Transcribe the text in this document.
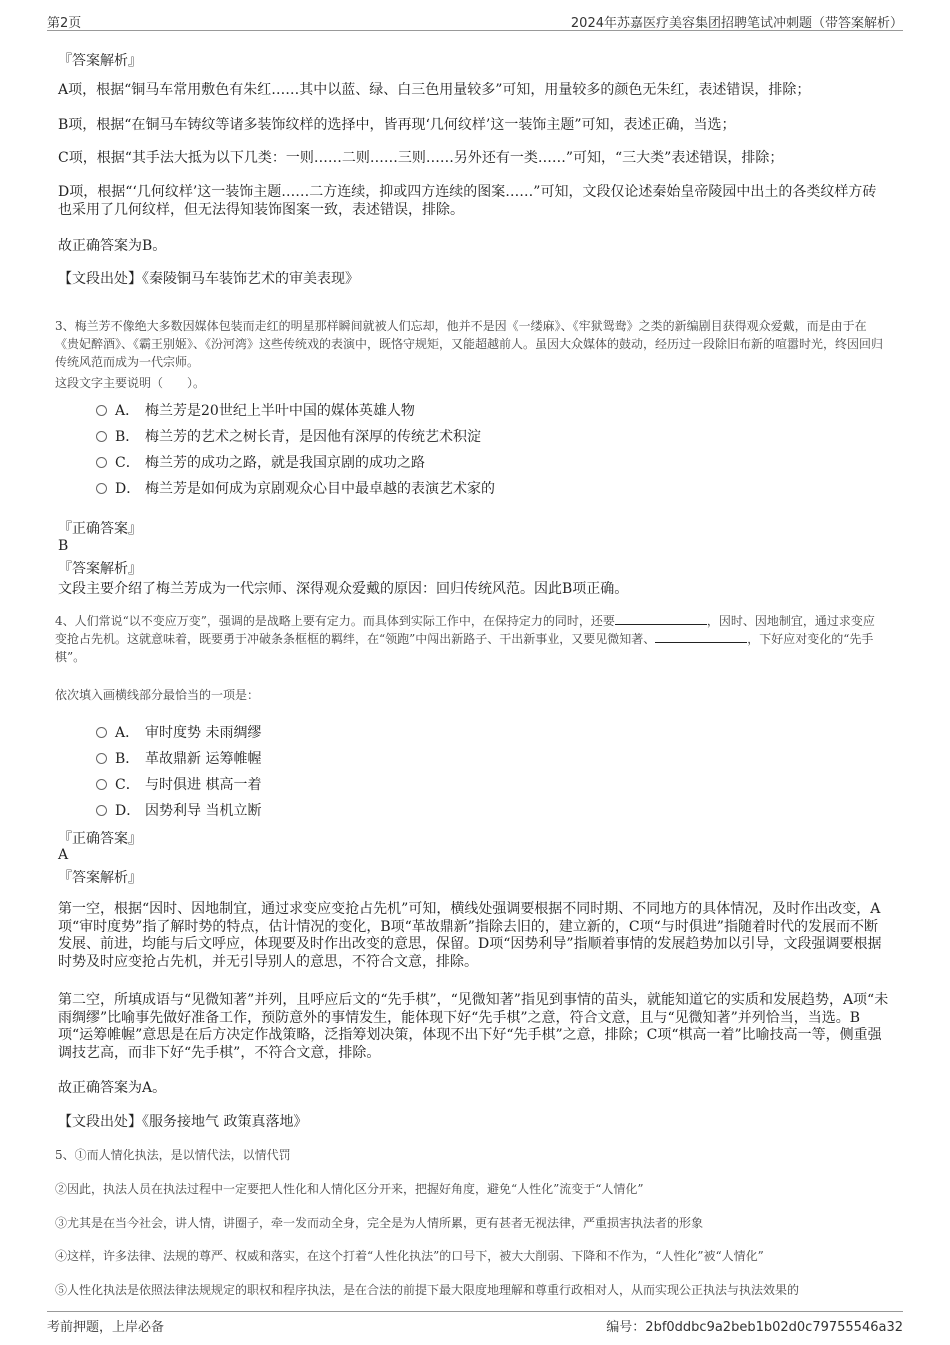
第2页	2024年苏嘉医疗美容集团招聘笔试冲刺题（带答案解析）
『答案解析』
A项，根据“铜马车常用敷色有朱红……其中以蓝、绿、白三色用量较多”可知，用量较多的颜色无朱红，表述错误，排除；
B项，根据“在铜马车铸纹等诸多装饰纹样的选择中，皆再现‘几何纹样’这一装饰主题”可知，表述正确，当选；
C项，根据“其手法大抵为以下几类：一则……二则……三则……另外还有一类……”可知，“三大类”表述错误，排除；
D项，根据“‘几何纹样’这一装饰主题……二方连续，抑或四方连续的图案……”可知，文段仅论述秦始皇帝陵园中出土的各类纹样方砖也采用了几何纹样，但无法得知装饰图案一致，表述错误，排除。
故正确答案为B。
【文段出处】《秦陵铜马车装饰艺术的审美表现》
3、梅兰芳不像绝大多数因媒体包装而走红的明星那样瞬间就被人们忘却，他并不是因《一缕麻》、《牢狱鸳鸯》之类的新编剧目获得观众爱戴，而是由于在《贵妃醉酒》、《霸王别姬》、《汾河湾》这些传统戏的表演中，既恪守规矩，又能超越前人。虽因大众媒体的鼓动，经历过一段除旧布新的喧嚣时光，终因回归传统风范而成为一代宗师。
这段文字主要说明（　　）。
A． 梅兰芳是20世纪上半叶中国的媒体英雄人物
B． 梅兰芳的艺术之树长青，是因他有深厚的传统艺术积淀
C． 梅兰芳的成功之路，就是我国京剧的成功之路
D． 梅兰芳是如何成为京剧观众心目中最卓越的表演艺术家的
『正确答案』
B
『答案解析』
文段主要介绍了梅兰芳成为一代宗师、深得观众爱戴的原因：回归传统风范。因此B项正确。
4、人们常说“以不变应万变”，强调的是战略上要有定力。而具体到实际工作中，在保持定力的同时，还要	，因时、因地制宜，通过求变应变抢占先机。这就意味着，既要勇于冲破条条框框的羁绊，在“领跑”中闯出新路子、干出新事业，又要见微知著、	，下好应对变化的“先手棋”。
依次填入画横线部分最恰当的一项是：
A． 审时度势 未雨绸缪
B． 革故鼎新 运筹帷幄
C． 与时俱进 棋高一着
D． 因势利导 当机立断
『正确答案』
A
『答案解析』
第一空，根据“因时、因地制宜，通过求变应变抢占先机”可知，横线处强调要根据不同时期、不同地方的具体情况，及时作出改变，A项“审时度势”指了解时势的特点，估计情况的变化，B项“革故鼎新”指除去旧的，建立新的，C项“与时俱进”指随着时代的发展而不断发展、前进，均能与后文呼应，体现要及时作出改变的意思，保留。D项“因势利导”指顺着事情的发展趋势加以引导，文段强调要根据时势及时应变抢占先机，并无引导别人的意思，不符合文意，排除。
第二空，所填成语与“见微知著”并列，且呼应后文的“先手棋”，“见微知著”指见到事情的苗头，就能知道它的实质和发展趋势，A项“未雨绸缪”比喻事先做好准备工作，预防意外的事情发生，能体现下好“先手棋”之意，符合文意，且与“见微知著”并列恰当，当选。B项“运筹帷幄”意思是在后方决定作战策略，泛指筹划决策，体现不出下好“先手棋”之意，排除；C项“棋高一着”比喻技高一等，侧重强调技艺高，而非下好“先手棋”，不符合文意，排除。
故正确答案为A。
【文段出处】《服务接地气 政策真落地》
5、①而人情化执法，是以情代法，以情代罚
②因此，执法人员在执法过程中一定要把人性化和人情化区分开来，把握好角度，避免“人性化”流变于“人情化”
③尤其是在当今社会，讲人情，讲圈子，牵一发而动全身，完全是为人情所累，更有甚者无视法律，严重损害执法者的形象
④这样，许多法律、法规的尊严、权威和落实，在这个打着“人性化执法”的口号下，被大大削弱、下降和不作为，“人性化”被“人情化”
⑤人性化执法是依照法律法规规定的职权和程序执法，是在合法的前提下最大限度地理解和尊重行政相对人，从而实现公正执法与执法效果的
考前押题，上岸必备	编号：2bf0ddbc9a2beb1b02d0c79755546a32
